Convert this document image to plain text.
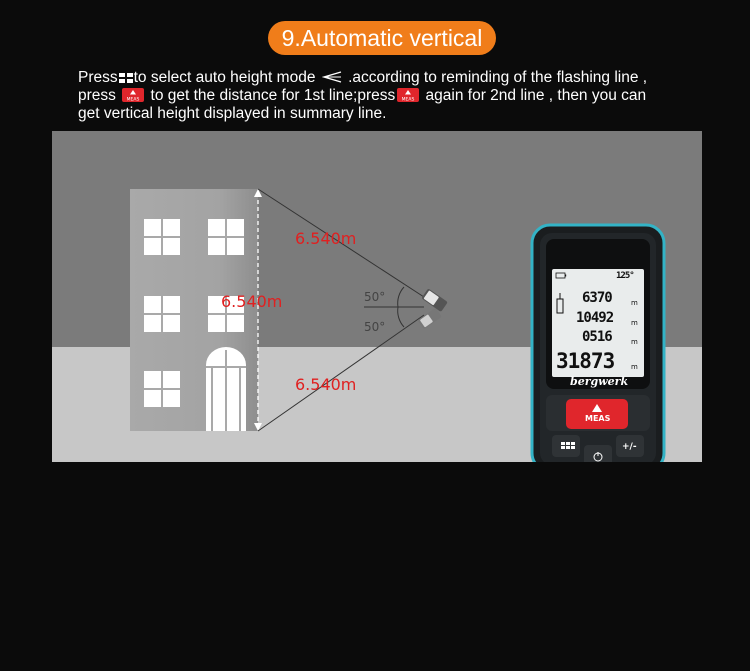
9.Automatic vertical
Press to select auto height mode .according to reminding of the flashing line ,
press MEAS to get the distance for 1st line;press MEAS again for 2nd line , then you can
get vertical height displayed in summary line.
6.540m
6.540m
6.540m
50°
50°
bergwerk
125°
6370	m
10492	m
0516	m
31873 m
MEAS
+/-
